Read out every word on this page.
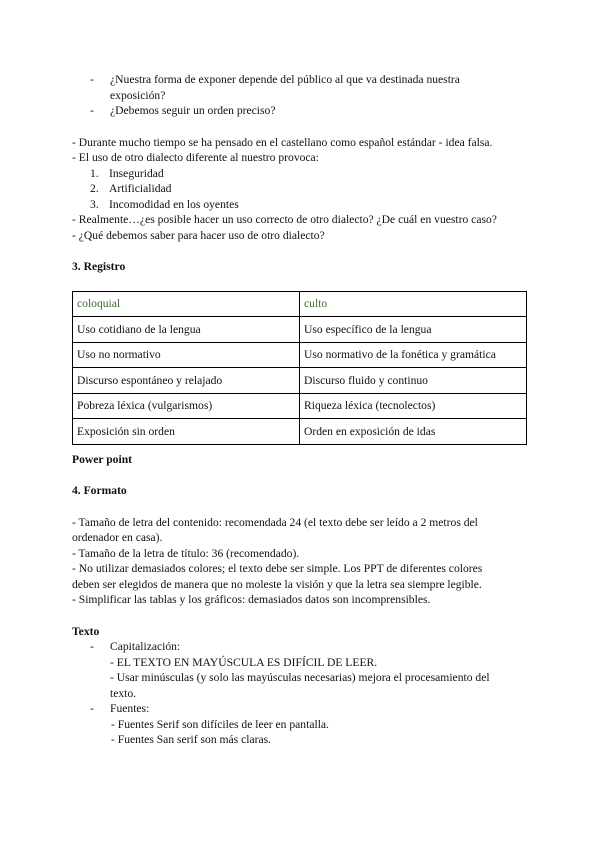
- ¿Nuestra forma de exponer depende del público al que va destinada nuestra
exposición?
- ¿Debemos seguir un orden preciso?
- Durante mucho tiempo se ha pensado en el castellano como español estándar - idea falsa.
- El uso de otro dialecto diferente al nuestro provoca:
1. Inseguridad
2. Artificialidad
3. Incomodidad en los oyentes
- Realmente…¿es posible hacer un uso correcto de otro dialecto? ¿De cuál en vuestro caso?
- ¿Qué debemos saber para hacer uso de otro dialecto?
3. Registro
coloquial	culto
Uso cotidiano de la lengua	Uso específico de la lengua
Uso no normativo	Uso normativo de la fonética y gramática
Discurso espontáneo y relajado	Discurso fluido y continuo
Pobreza léxica (vulgarismos)	Riqueza léxica (tecnolectos)
Exposición sin orden	Orden en exposición de idas
Power point
4. Formato
- Tamaño de letra del contenido: recomendada 24 (el texto debe ser leído a 2 metros del
ordenador en casa).
- Tamaño de la letra de título: 36 (recomendado).
- No utilizar demasiados colores; el texto debe ser simple. Los PPT de diferentes colores
deben ser elegidos de manera que no moleste la visión y que la letra sea siempre legible.
- Simplificar las tablas y los gráficos: demasiados datos son incomprensibles.
Texto
- Capitalización:
- EL TEXTO EN MAYÚSCULA ES DIFÍCIL DE LEER.
- Usar minúsculas (y solo las mayúsculas necesarias) mejora el procesamiento del
texto.
- Fuentes:
- Fuentes Serif son difíciles de leer en pantalla.
- Fuentes San serif son más claras.
